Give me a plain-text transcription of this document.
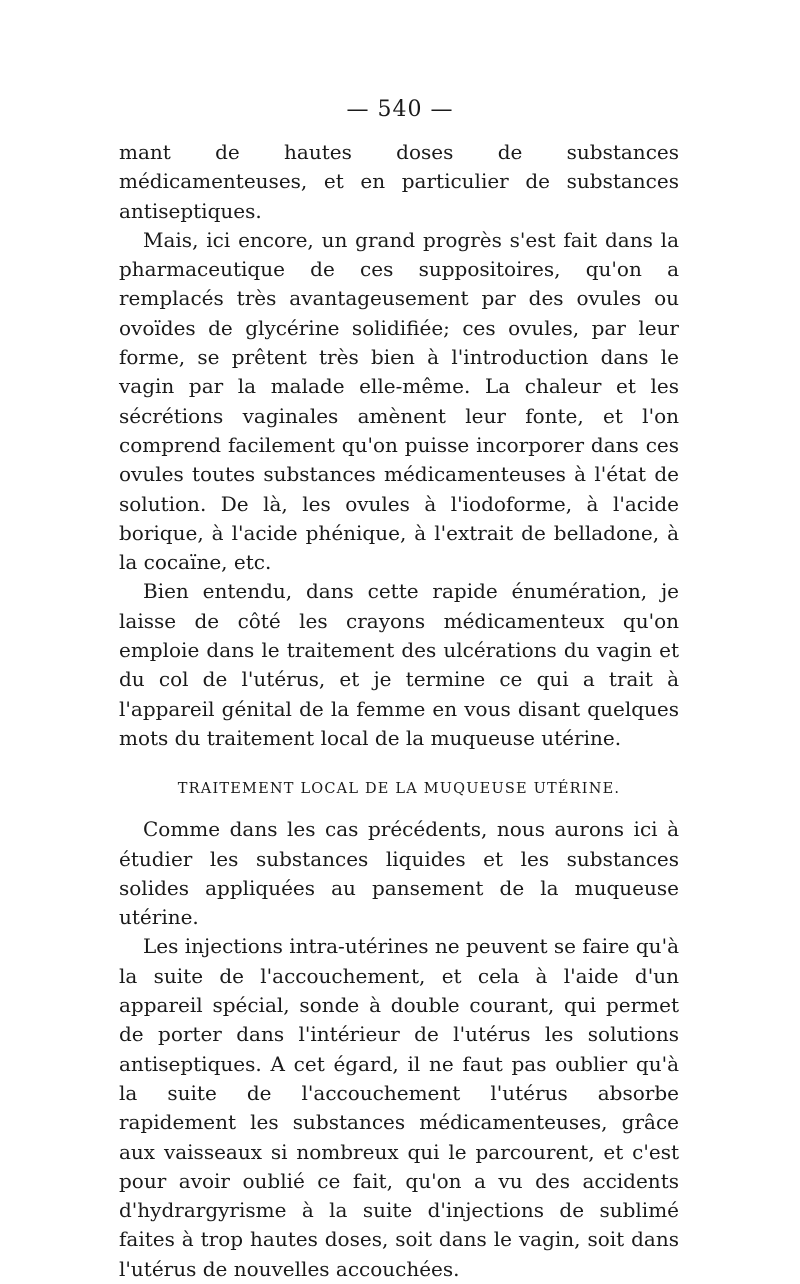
— 540 —

mant de hautes doses de substances médicamenteuses, et en particulier de substances antiseptiques.

Mais, ici encore, un grand progrès s'est fait dans la pharmaceutique de ces suppositoires, qu'on a remplacés très avantageusement par des ovules ou ovoïdes de glycérine solidifiée; ces ovules, par leur forme, se prêtent très bien à l'introduction dans le vagin par la malade elle-même. La chaleur et les sécrétions vaginales amènent leur fonte, et l'on comprend facilement qu'on puisse incorporer dans ces ovules toutes substances médicamenteuses à l'état de solution. De là, les ovules à l'iodoforme, à l'acide borique, à l'acide phénique, à l'extrait de belladone, à la cocaïne, etc.

Bien entendu, dans cette rapide énumération, je laisse de côté les crayons médicamenteux qu'on emploie dans le traitement des ulcérations du vagin et du col de l'utérus, et je termine ce qui a trait à l'appareil génital de la femme en vous disant quelques mots du traitement local de la muqueuse utérine.

TRAITEMENT LOCAL DE LA MUQUEUSE UTÉRINE.

Comme dans les cas précédents, nous aurons ici à étudier les substances liquides et les substances solides appliquées au pansement de la muqueuse utérine.

Les injections intra-utérines ne peuvent se faire qu'à la suite de l'accouchement, et cela à l'aide d'un appareil spécial, sonde à double courant, qui permet de porter dans l'intérieur de l'utérus les solutions antiseptiques. A cet égard, il ne faut pas oublier qu'à la suite de l'accouchement l'utérus absorbe rapidement les substances médicamenteuses, grâce aux vaisseaux si nombreux qui le parcourent, et c'est pour avoir oublié ce fait, qu'on a vu des accidents d'hydrargyrisme à la suite d'injections de sublimé faites à trop hautes doses, soit dans le vagin, soit dans l'utérus de nouvelles accouchées.
